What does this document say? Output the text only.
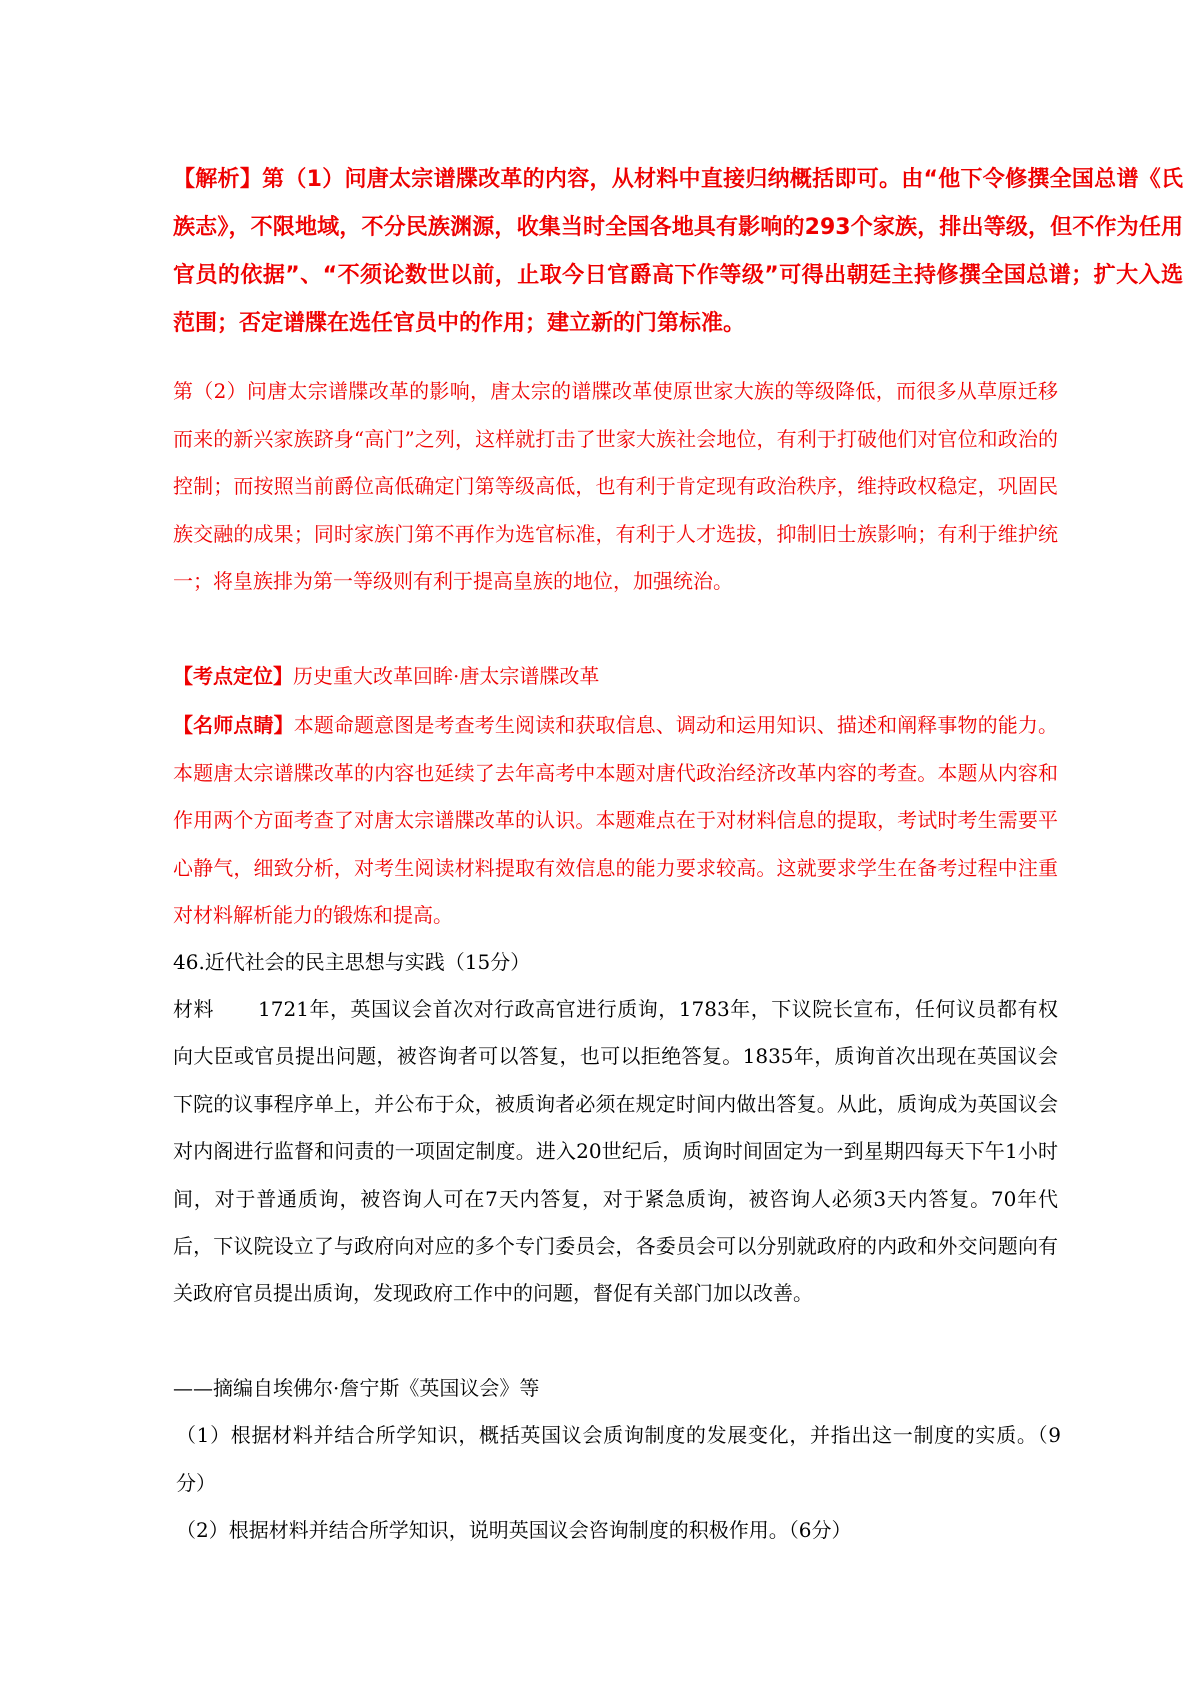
【解析】第（1）问唐太宗谱牒改革的内容，从材料中直接归纳概括即可。由“他下令修撰全国总谱《氏族志》，不限地域，不分民族渊源，收集当时全国各地具有影响的293个家族，排出等级，但不作为任用官员的依据”、“不须论数世以前，止取今日官爵高下作等级”可得出朝廷主持修撰全国总谱；扩大入选范围；否定谱牒在选任官员中的作用；建立新的门第标准。

第（2）问唐太宗谱牒改革的影响，唐太宗的谱牒改革使原世家大族的等级降低，而很多从草原迁移而来的新兴家族跻身“高门”之列，这样就打击了世家大族社会地位，有利于打破他们对官位和政治的控制；而按照当前爵位高低确定门第等级高低，也有利于肯定现有政治秩序，维持政权稳定，巩固民族交融的成果；同时家族门第不再作为选官标准，有利于人才选拔，抑制旧士族影响；有利于维护统一；将皇族排为第一等级则有利于提高皇族的地位，加强统治。

【考点定位】历史重大改革回眸·唐太宗谱牒改革

【名师点睛】本题命题意图是考查考生阅读和获取信息、调动和运用知识、描述和阐释事物的能力。本题唐太宗谱牒改革的内容也延续了去年高考中本题对唐代政治经济改革内容的考查。本题从内容和作用两个方面考查了对唐太宗谱牒改革的认识。本题难点在于对材料信息的提取，考试时考生需要平心静气，细致分析，对考生阅读材料提取有效信息的能力要求较高。这就要求学生在备考过程中注重对材料解析能力的锻炼和提高。

46.近代社会的民主思想与实践（15分）

材料 1721年，英国议会首次对行政高官进行质询，1783年，下议院长宣布，任何议员都有权向大臣或官员提出问题，被咨询者可以答复，也可以拒绝答复。1835年，质询首次出现在英国议会下院的议事程序单上，并公布于众，被质询者必须在规定时间内做出答复。从此，质询成为英国议会对内阁进行监督和问责的一项固定制度。进入20世纪后，质询时间固定为一到星期四每天下午1小时间，对于普通质询，被咨询人可在7天内答复，对于紧急质询，被咨询人必须3天内答复。70年代后，下议院设立了与政府向对应的多个专门委员会，各委员会可以分别就政府的内政和外交问题向有关政府官员提出质询，发现政府工作中的问题，督促有关部门加以改善。

——摘编自埃佛尔·詹宁斯《英国议会》等

（1）根据材料并结合所学知识，概括英国议会质询制度的发展变化，并指出这一制度的实质。（9分）

（2）根据材料并结合所学知识，说明英国议会咨询制度的积极作用。（6分）
